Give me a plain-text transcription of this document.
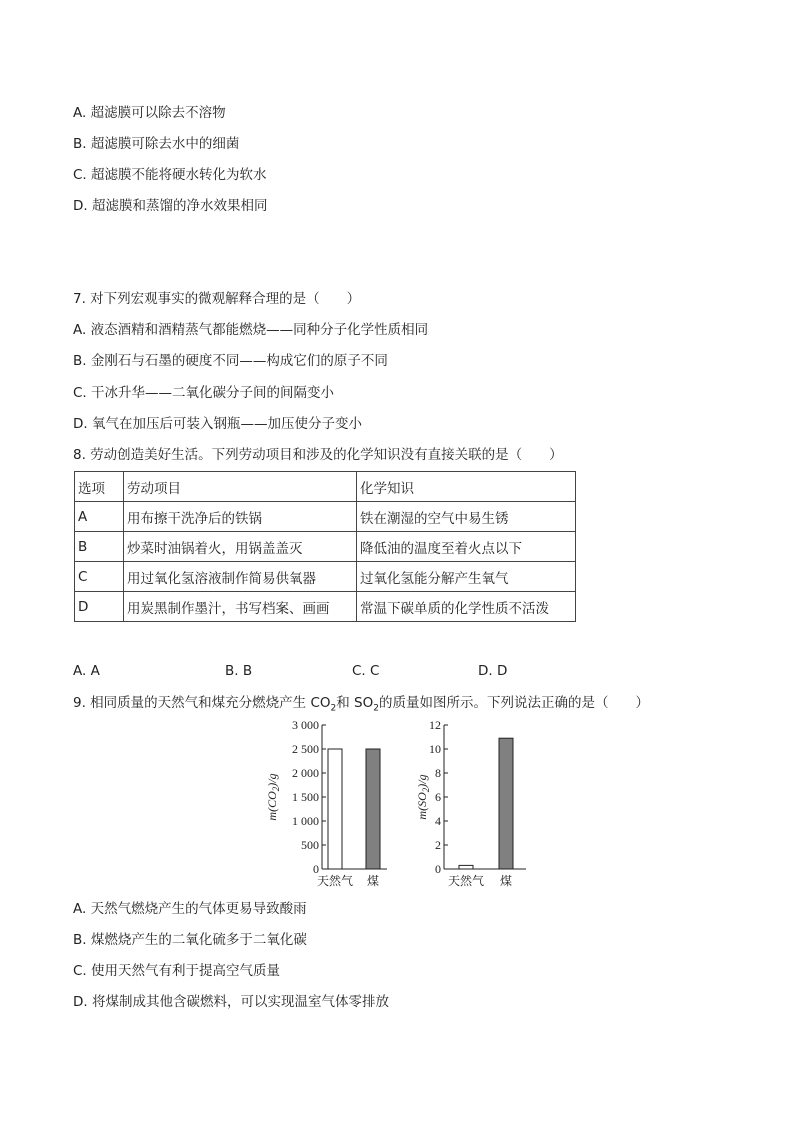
A. 超滤膜可以除去不溶物
B. 超滤膜可除去水中的细菌
C. 超滤膜不能将硬水转化为软水
D. 超滤膜和蒸馏的净水效果相同
7. 对下列宏观事实的微观解释合理的是（　　）
A. 液态酒精和酒精蒸气都能燃烧——同种分子化学性质相同
B. 金刚石与石墨的硬度不同——构成它们的原子不同
C. 干冰升华——二氧化碳分子间的间隔变小
D. 氧气在加压后可装入钢瓶——加压使分子变小
8. 劳动创造美好生活。下列劳动项目和涉及的化学知识没有直接关联的是（　　）
选项	劳动项目	化学知识
A	用布擦干洗净后的铁锅	铁在潮湿的空气中易生锈
B	炒菜时油锅着火，用锅盖盖灭	降低油的温度至着火点以下
C	用过氧化氢溶液制作简易供氧器	过氧化氢能分解产生氧气
D	用炭黑制作墨汁，书写档案、画画	常温下碳单质的化学性质不活泼
A. A	B. B	C. C	D. D
9. 相同质量的天然气和煤充分燃烧产生 $CO_2$和 $SO_2$的质量如图所示。下列说法正确的是（　　）
0
500
1 000
1 500
2 000
2 500
3 000
天然气 煤
$m(CO_2)/g$
0
2
4
6
8
10
12
天然气 煤
$m(SO_2)/g$
A. 天然气燃烧产生的气体更易导致酸雨
B. 煤燃烧产生的二氧化硫多于二氧化碳
C. 使用天然气有利于提高空气质量
D. 将煤制成其他含碳燃料，可以实现温室气体零排放
